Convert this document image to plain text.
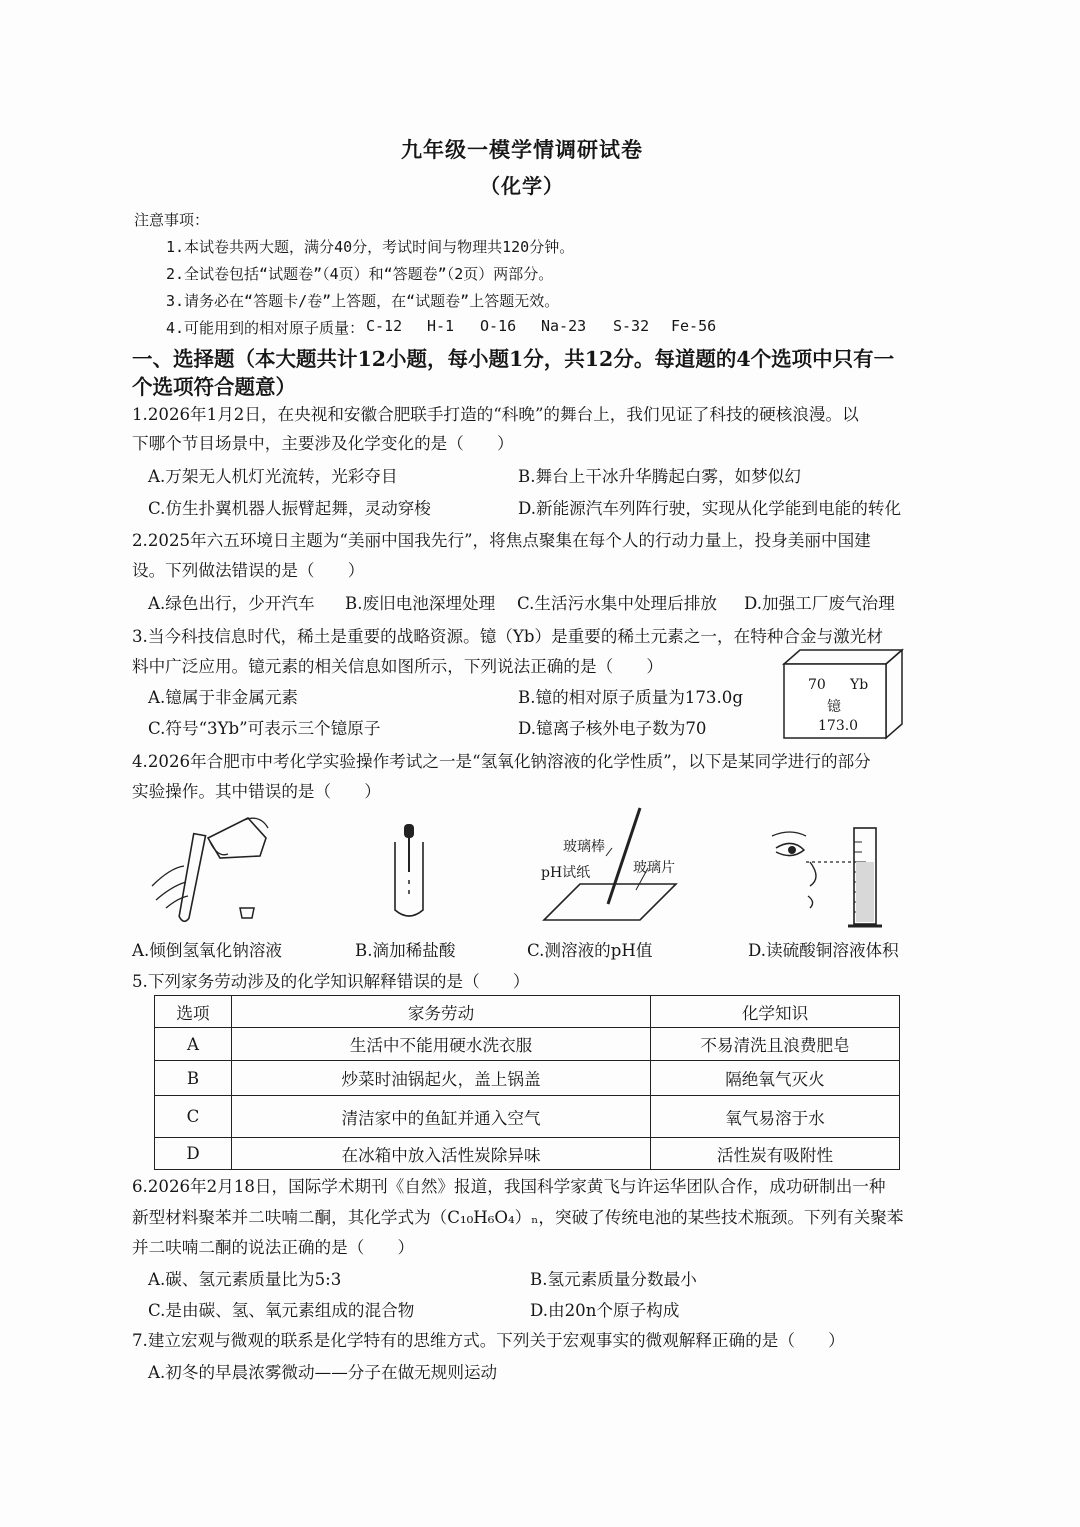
九年级一模学情调研试卷
（化学）
注意事项：
1.本试卷共两大题，满分40分，考试时间与物理共120分钟。
2.全试卷包括“试题卷”（4页）和“答题卷”（2页）两部分。
3.请务必在“答题卡/卷”上答题，在“试题卷”上答题无效。
4.可能用到的相对原子质量： C-12 H-1 O-16 Na-23 S-32 Fe-56
一、选择题（本大题共计12小题，每小题1分，共12分。每道题的4个选项中只有一
个选项符合题意）
1.2026年1月2日，在央视和安徽合肥联手打造的“科晚”的舞台上，我们见证了科技的硬核浪漫。以
下哪个节目场景中，主要涉及化学变化的是（　　）
A.万架无人机灯光流转，光彩夺目	B.舞台上干冰升华腾起白雾，如梦似幻
C.仿生扑翼机器人振臂起舞，灵动穿梭	D.新能源汽车列阵行驶，实现从化学能到电能的转化
2.2025年六五环境日主题为“美丽中国我先行”，将焦点聚集在每个人的行动力量上，投身美丽中国建
设。下列做法错误的是（　　）
A.绿色出行，少开汽车 B.废旧电池深埋处理 C.生活污水集中处理后排放 D.加强工厂废气治理
3.当今科技信息时代，稀土是重要的战略资源。镱（Yb）是重要的稀土元素之一，在特种合金与激光材
料中广泛应用。镱元素的相关信息如图所示，下列说法正确的是（　　）
A.镱属于非金属元素	B.镱的相对原子质量为173.0g
C.符号“3Yb”可表示三个镱原子	D.镱离子核外电子数为70
70 Yb
镱
173.0
4.2026年合肥市中考化学实验操作考试之一是“氢氧化钠溶液的化学性质”，以下是某同学进行的部分
实验操作。其中错误的是（　　）
玻璃棒
pH试纸	玻璃片
A.倾倒氢氧化钠溶液	B.滴加稀盐酸	C.测溶液的pH值	D.读硫酸铜溶液体积
5.下列家务劳动涉及的化学知识解释错误的是（　　）
选项	家务劳动	化学知识
A	生活中不能用硬水洗衣服	不易清洗且浪费肥皂
B	炒菜时油锅起火，盖上锅盖	隔绝氧气灭火
C	清洁家中的鱼缸并通入空气	氧气易溶于水
D	在冰箱中放入活性炭除异味	活性炭有吸附性
6.2026年2月18日，国际学术期刊《自然》报道，我国科学家黄飞与许运华团队合作，成功研制出一种
新型材料聚苯并二呋喃二酮，其化学式为（C₁₀H₆O₄）ₙ，突破了传统电池的某些技术瓶颈。下列有关聚苯
并二呋喃二酮的说法正确的是（　　）
A.碳、氢元素质量比为5:3	B.氢元素质量分数最小
C.是由碳、氢、氧元素组成的混合物	D.由20n个原子构成
7.建立宏观与微观的联系是化学特有的思维方式。下列关于宏观事实的微观解释正确的是（　　）
A.初冬的早晨浓雾微动——分子在做无规则运动
